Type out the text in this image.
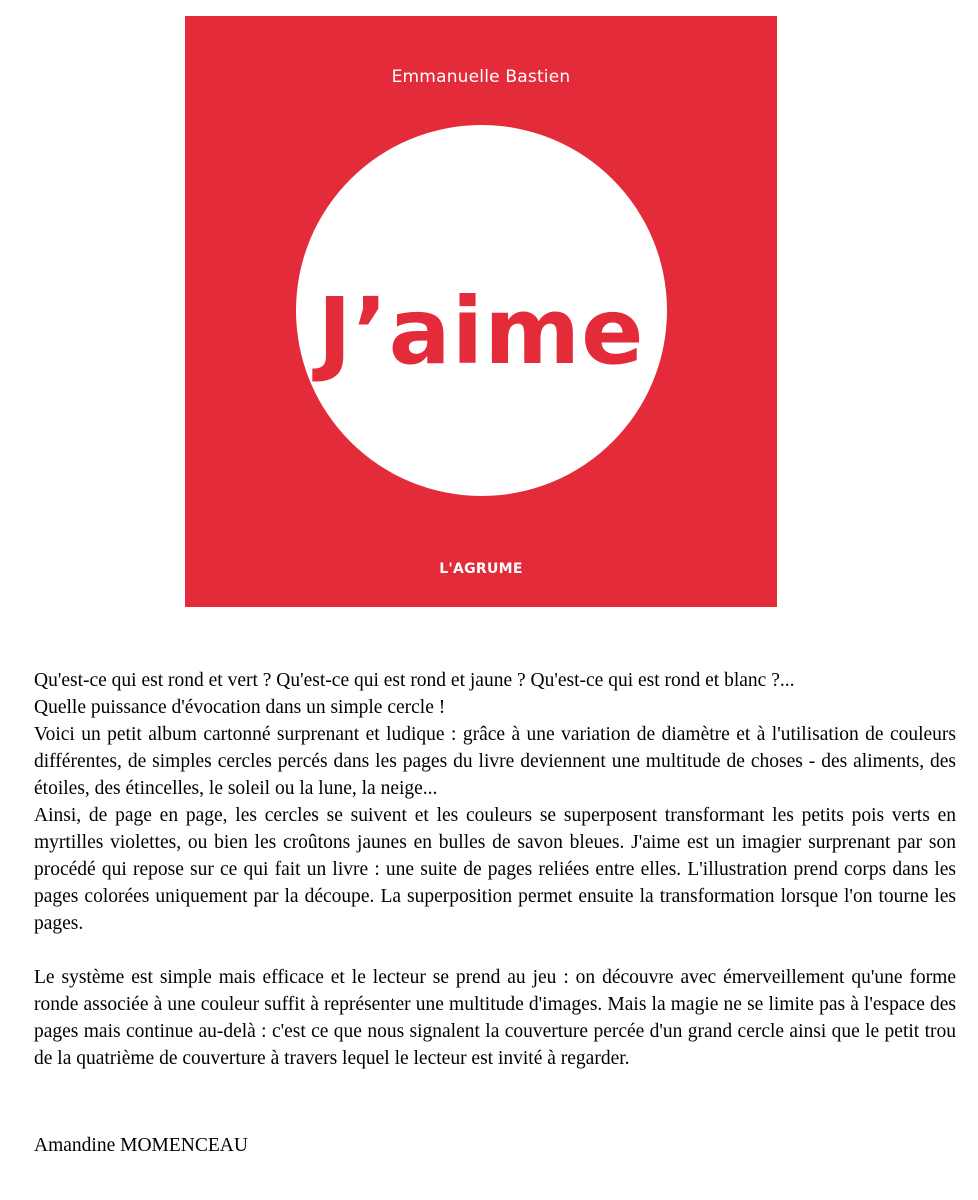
Emmanuelle Bastien
J’aime
L'AGRUME

Qu'est-ce qui est rond et vert ? Qu'est-ce qui est rond et jaune ? Qu'est-ce qui est rond et blanc ?...

Quelle puissance d'évocation dans un simple cercle !

Voici un petit album cartonné surprenant et ludique : grâce à une variation de diamètre et à l'utilisation de couleurs différentes, de simples cercles percés dans les pages du livre deviennent une multitude de choses - des aliments, des étoiles, des étincelles, le soleil ou la lune, la neige...

Ainsi, de page en page, les cercles se suivent et les couleurs se superposent transformant les petits pois verts en myrtilles violettes, ou bien les croûtons jaunes en bulles de savon bleues. J'aime est un imagier surprenant par son procédé qui repose sur ce qui fait un livre : une suite de pages reliées entre elles. L'illustration prend corps dans les pages colorées uniquement par la découpe. La superposition permet ensuite la transformation lorsque l'on tourne les pages.

Le système est simple mais efficace et le lecteur se prend au jeu : on découvre avec émerveillement qu'une forme ronde associée à une couleur suffit à représenter une multitude d'images. Mais la magie ne se limite pas à l'espace des pages mais continue au-delà : c'est ce que nous signalent la couverture percée d'un grand cercle ainsi que le petit trou de la quatrième de couverture à travers lequel le lecteur est invité à regarder.

Amandine MOMENCEAU
